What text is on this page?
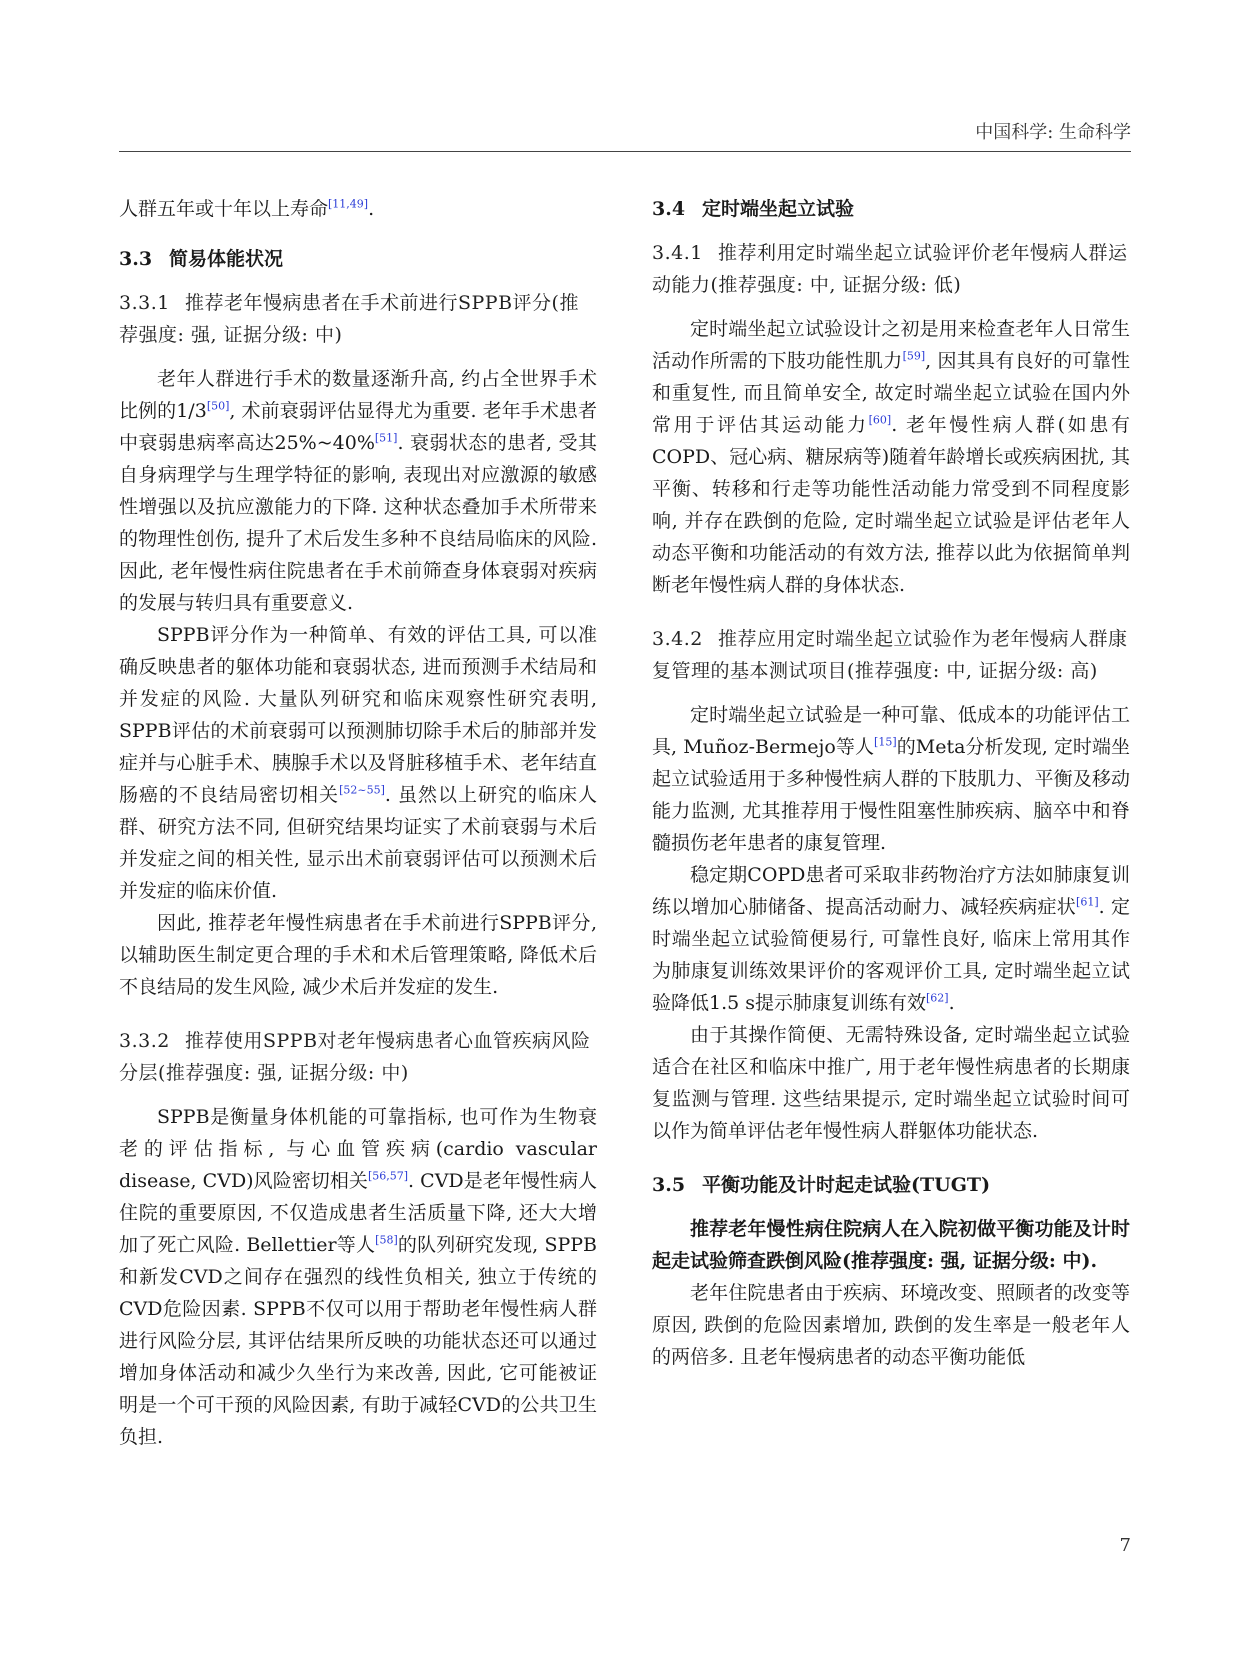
中国科学: 生命科学

人群五年或十年以上寿命[11,49].

3.3 简易体能状况

3.3.1 推荐老年慢病患者在手术前进行SPPB评分(推荐强度: 强, 证据分级: 中)

老年人群进行手术的数量逐渐升高, 约占全世界手术比例的1/3[50], 术前衰弱评估显得尤为重要. 老年手术患者中衰弱患病率高达25%~40%[51]. 衰弱状态的患者, 受其自身病理学与生理学特征的影响, 表现出对应激源的敏感性增强以及抗应激能力的下降. 这种状态叠加手术所带来的物理性创伤, 提升了术后发生多种不良结局临床的风险. 因此, 老年慢性病住院患者在手术前筛查身体衰弱对疾病的发展与转归具有重要意义.

SPPB评分作为一种简单、有效的评估工具, 可以准确反映患者的躯体功能和衰弱状态, 进而预测手术结局和并发症的风险. 大量队列研究和临床观察性研究表明, SPPB评估的术前衰弱可以预测肺切除手术后的肺部并发症并与心脏手术、胰腺手术以及肾脏移植手术、老年结直肠癌的不良结局密切相关[52~55]. 虽然以上研究的临床人群、研究方法不同, 但研究结果均证实了术前衰弱与术后并发症之间的相关性, 显示出术前衰弱评估可以预测术后并发症的临床价值.

因此, 推荐老年慢性病患者在手术前进行SPPB评分, 以辅助医生制定更合理的手术和术后管理策略, 降低术后不良结局的发生风险, 减少术后并发症的发生.

3.3.2 推荐使用SPPB对老年慢病患者心血管疾病风险分层(推荐强度: 强, 证据分级: 中)

SPPB是衡量身体机能的可靠指标, 也可作为生物衰老的评估指标, 与心血管疾病(cardio vascular disease, CVD)风险密切相关[56,57]. CVD是老年慢性病人住院的重要原因, 不仅造成患者生活质量下降, 还大大增加了死亡风险. Bellettier等人[58]的队列研究发现, SPPB和新发CVD之间存在强烈的线性负相关, 独立于传统的CVD危险因素. SPPB不仅可以用于帮助老年慢性病人群进行风险分层, 其评估结果所反映的功能状态还可以通过增加身体活动和减少久坐行为来改善, 因此, 它可能被证明是一个可干预的风险因素, 有助于减轻CVD的公共卫生负担.

3.4 定时端坐起立试验

3.4.1 推荐利用定时端坐起立试验评价老年慢病人群运动能力(推荐强度: 中, 证据分级: 低)

定时端坐起立试验设计之初是用来检查老年人日常生活动作所需的下肢功能性肌力[59], 因其具有良好的可靠性和重复性, 而且简单安全, 故定时端坐起立试验在国内外常用于评估其运动能力[60]. 老年慢性病人群(如患有COPD、冠心病、糖尿病等)随着年龄增长或疾病困扰, 其平衡、转移和行走等功能性活动能力常受到不同程度影响, 并存在跌倒的危险, 定时端坐起立试验是评估老年人动态平衡和功能活动的有效方法, 推荐以此为依据简单判断老年慢性病人群的身体状态.

3.4.2 推荐应用定时端坐起立试验作为老年慢病人群康复管理的基本测试项目(推荐强度: 中, 证据分级: 高)

定时端坐起立试验是一种可靠、低成本的功能评估工具, Muñoz-Bermejo等人[15]的Meta分析发现, 定时端坐起立试验适用于多种慢性病人群的下肢肌力、平衡及移动能力监测, 尤其推荐用于慢性阻塞性肺疾病、脑卒中和脊髓损伤老年患者的康复管理.

稳定期COPD患者可采取非药物治疗方法如肺康复训练以增加心肺储备、提高活动耐力、减轻疾病症状[61]. 定时端坐起立试验简便易行, 可靠性良好, 临床上常用其作为肺康复训练效果评价的客观评价工具, 定时端坐起立试验降低1.5 s提示肺康复训练有效[62].

由于其操作简便、无需特殊设备, 定时端坐起立试验适合在社区和临床中推广, 用于老年慢性病患者的长期康复监测与管理. 这些结果提示, 定时端坐起立试验时间可以作为简单评估老年慢性病人群躯体功能状态.

3.5 平衡功能及计时起走试验(TUGT)

推荐老年慢性病住院病人在入院初做平衡功能及计时起走试验筛查跌倒风险(推荐强度: 强, 证据分级: 中).

老年住院患者由于疾病、环境改变、照顾者的改变等原因, 跌倒的危险因素增加, 跌倒的发生率是一般老年人的两倍多. 且老年慢病患者的动态平衡功能低

7
